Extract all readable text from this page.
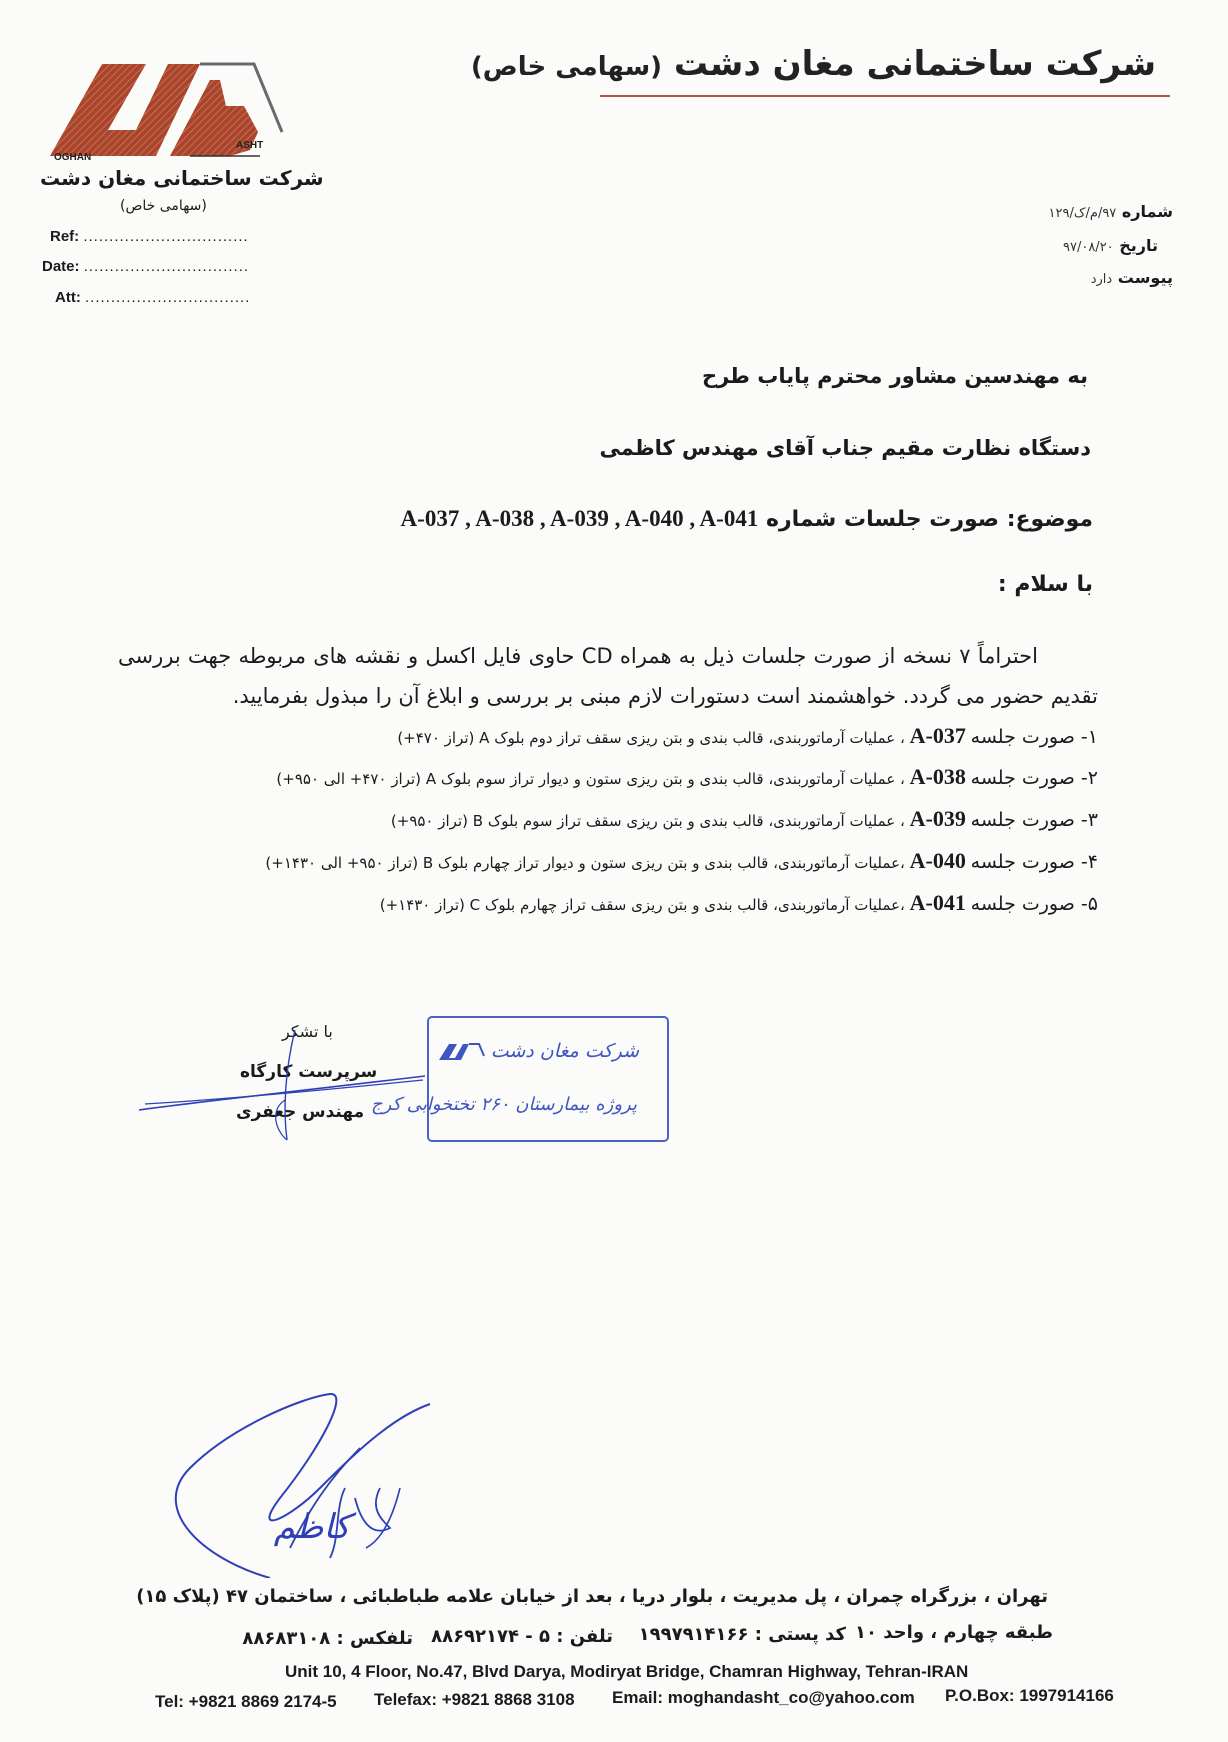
شرکت ساختمانی مغان دشت (سهامی خاص)
OGHAN
ASHT
شرکت ساختمانی مغان دشت
(سهامی خاص)
Ref: ................................
Date: ................................
Att: ................................
شماره ۹۷/م/ک/۱۲۹
تاریخ ۹۷/۰۸/۲۰
پیوست دارد
به مهندسین مشاور محترم پایاب طرح
دستگاه نظارت مقیم جناب آقای مهندس کاظمی
موضوع: صورت جلسات شماره A-037 , A-038 , A-039 , A-040 , A-041
با سلام :
احتراماً ۷ نسخه از صورت جلسات ذیل به همراه CD حاوی فایل اکسل و نقشه های مربوطه جهت بررسی تقدیم حضور می گردد. خواهشمند است دستورات لازم مبنی بر بررسی و ابلاغ آن را مبذول بفرمایید.
۱- صورت جلسه A-037 ، عملیات آرماتوربندی، قالب بندی و بتن ریزی سقف تراز دوم بلوک A (تراز ۴۷۰+)
۲- صورت جلسه A-038 ، عملیات آرماتوربندی، قالب بندی و بتن ریزی ستون و دیوار تراز سوم بلوک A (تراز ۴۷۰+ الی ۹۵۰+)
۳- صورت جلسه A-039 ، عملیات آرماتوربندی، قالب بندی و بتن ریزی سقف تراز سوم بلوک B (تراز ۹۵۰+)
۴- صورت جلسه A-040 ،عملیات آرماتوربندی، قالب بندی و بتن ریزی ستون و دیوار تراز چهارم بلوک B (تراز ۹۵۰+ الی ۱۴۳۰+)
۵- صورت جلسه A-041 ،عملیات آرماتوربندی، قالب بندی و بتن ریزی سقف تراز چهارم بلوک C (تراز ۱۴۳۰+)
با تشکر
سرپرست کارگاه
مهندس جعفری
شرکت مغان دشت
پروژه بیمارستان ۲۶۰ تختخوابی کرج
کاظم
تهران ، بزرگراه چمران ، پل مدیریت ، بلوار دریا ، بعد از خیابان علامه طباطبائی ، ساختمان ۴۷ (پلاک ۱۵)
طبقه چهارم ، واحد ۱۰
کد پستی : ۱۹۹۷۹۱۴۱۶۶
تلفن : ۵ - ۸۸۶۹۲۱۷۴
تلفکس : ۸۸۶۸۳۱۰۸
Unit 10, 4 Floor, No.47, Blvd Darya, Modiryat Bridge, Chamran Highway, Tehran-IRAN
Tel: +9821 8869 2174-5 Telefax: +9821 8868 3108 Email: moghandasht_co@yahoo.com P.O.Box: 1997914166
